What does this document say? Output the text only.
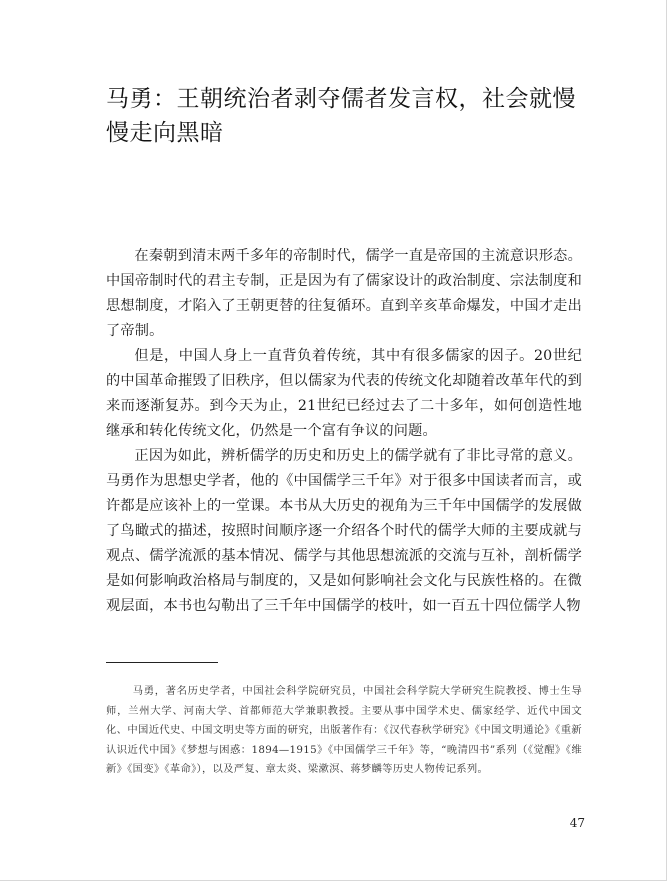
马勇：王朝统治者剥夺儒者发言权，社会就慢慢走向黑暗

在秦朝到清末两千多年的帝制时代，儒学一直是帝国的主流意识形态。中国帝制时代的君主专制，正是因为有了儒家设计的政治制度、宗法制度和思想制度，才陷入了王朝更替的往复循环。直到辛亥革命爆发，中国才走出了帝制。

但是，中国人身上一直背负着传统，其中有很多儒家的因子。20世纪的中国革命摧毁了旧秩序，但以儒家为代表的传统文化却随着改革年代的到来而逐渐复苏。到今天为止，21世纪已经过去了二十多年，如何创造性地继承和转化传统文化，仍然是一个富有争议的问题。

正因为如此，辨析儒学的历史和历史上的儒学就有了非比寻常的意义。马勇作为思想史学者，他的《中国儒学三千年》对于很多中国读者而言，或许都是应该补上的一堂课。本书从大历史的视角为三千年中国儒学的发展做了鸟瞰式的描述，按照时间顺序逐一介绍各个时代的儒学大师的主要成就与观点、儒学流派的基本情况、儒学与其他思想流派的交流与互补，剖析儒学是如何影响政治格局与制度的，又是如何影响社会文化与民族性格的。在微观层面，本书也勾勒出了三千年中国儒学的枝叶，如一百五十四位儒学人物

马勇，著名历史学者，中国社会科学院研究员，中国社会科学院大学研究生院教授、博士生导师，兰州大学、河南大学、首都师范大学兼职教授。主要从事中国学术史、儒家经学、近代中国文化、中国近代史、中国文明史等方面的研究，出版著作有：《汉代春秋学研究》《中国文明通论》《重新认识近代中国》《梦想与困惑：1894—1915》《中国儒学三千年》等，“晚清四书”系列（《觉醒》《维新》《国变》《革命》），以及严复、章太炎、梁漱溟、蒋梦麟等历史人物传记系列。

47
